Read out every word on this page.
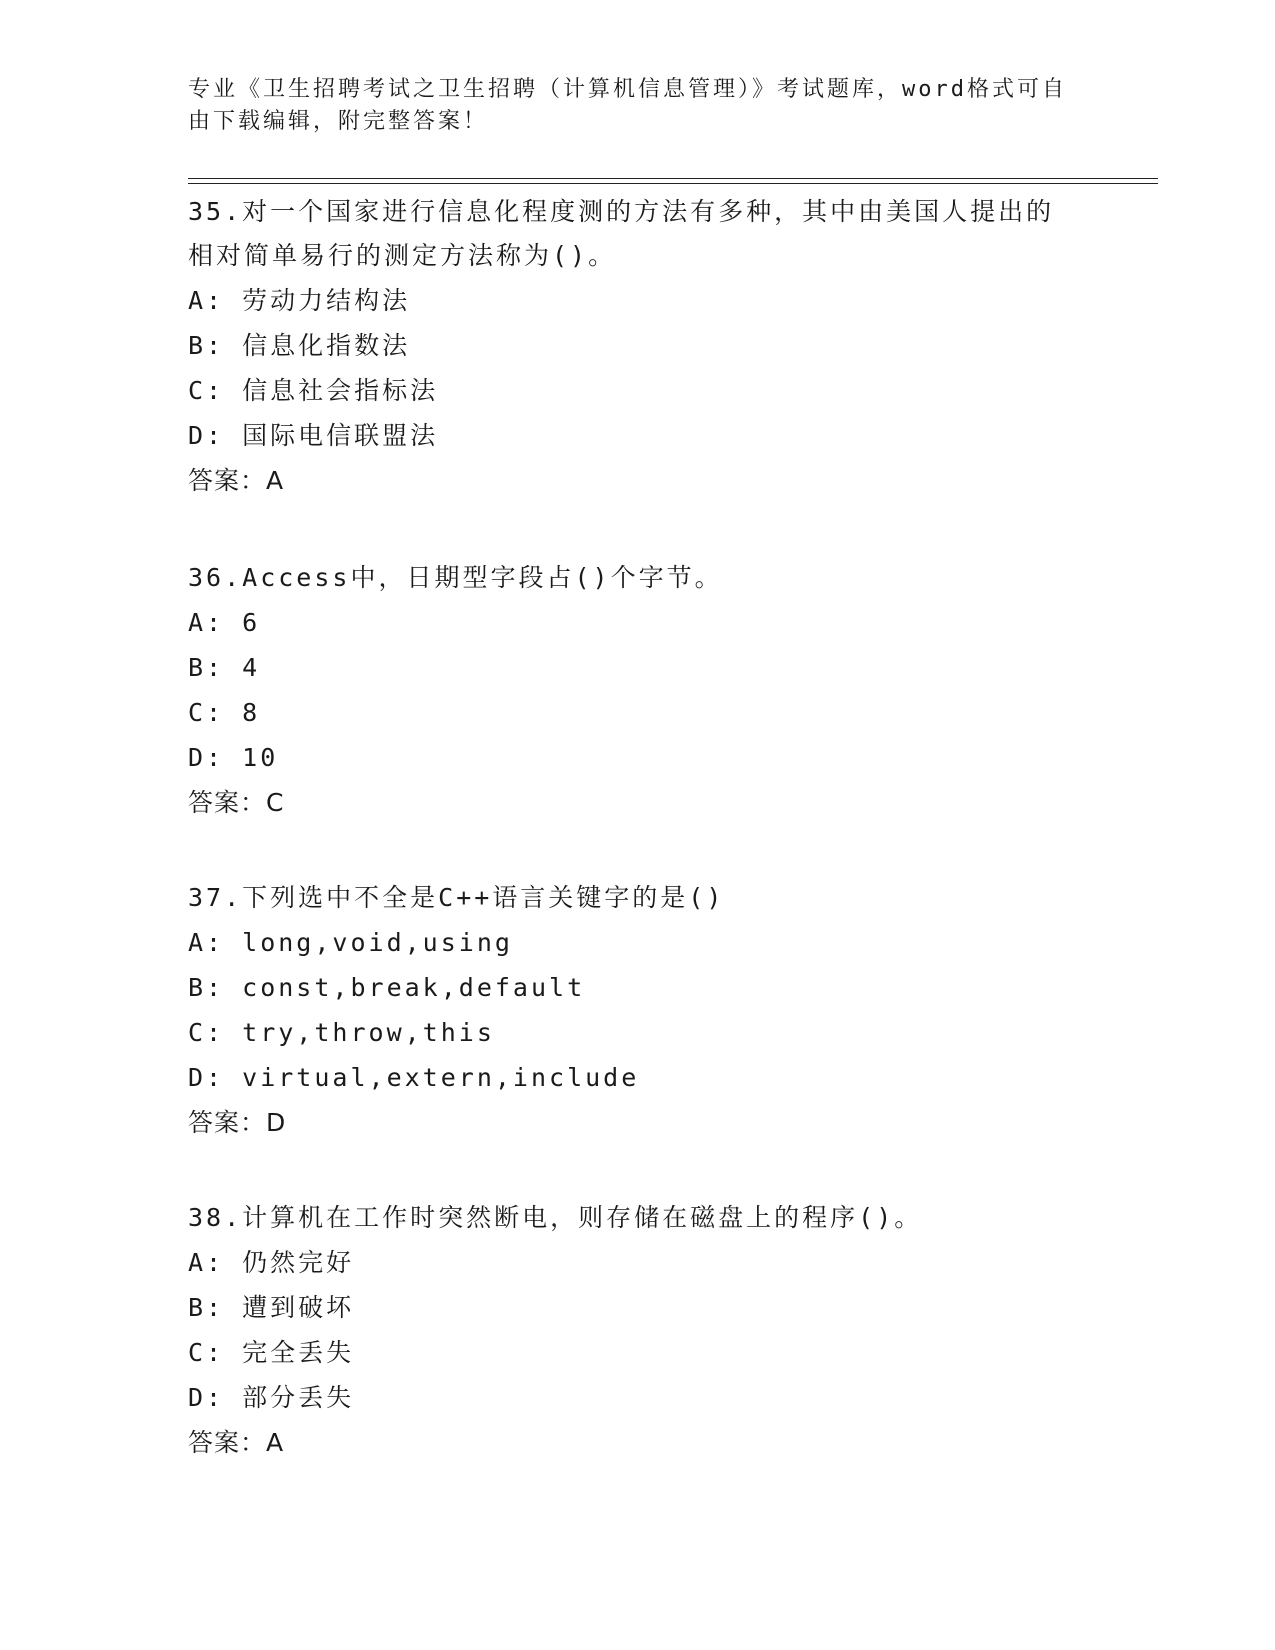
专业《卫生招聘考试之卫生招聘（计算机信息管理）》考试题库，word格式可自
由下载编辑，附完整答案！
35.对一个国家进行信息化程度测的方法有多种，其中由美国人提出的
相对简单易行的测定方法称为()。
A: 劳动力结构法
B: 信息化指数法
C: 信息社会指标法
D: 国际电信联盟法
答案：A
36.Access中，日期型字段占()个字节。
A: 6
B: 4
C: 8
D: 10
答案：C
37.下列选中不全是C++语言关键字的是()
A: long,void,using
B: const,break,default
C: try,throw,this
D: virtual,extern,include
答案：D
38.计算机在工作时突然断电，则存储在磁盘上的程序()。
A: 仍然完好
B: 遭到破坏
C: 完全丢失
D: 部分丢失
答案：A
